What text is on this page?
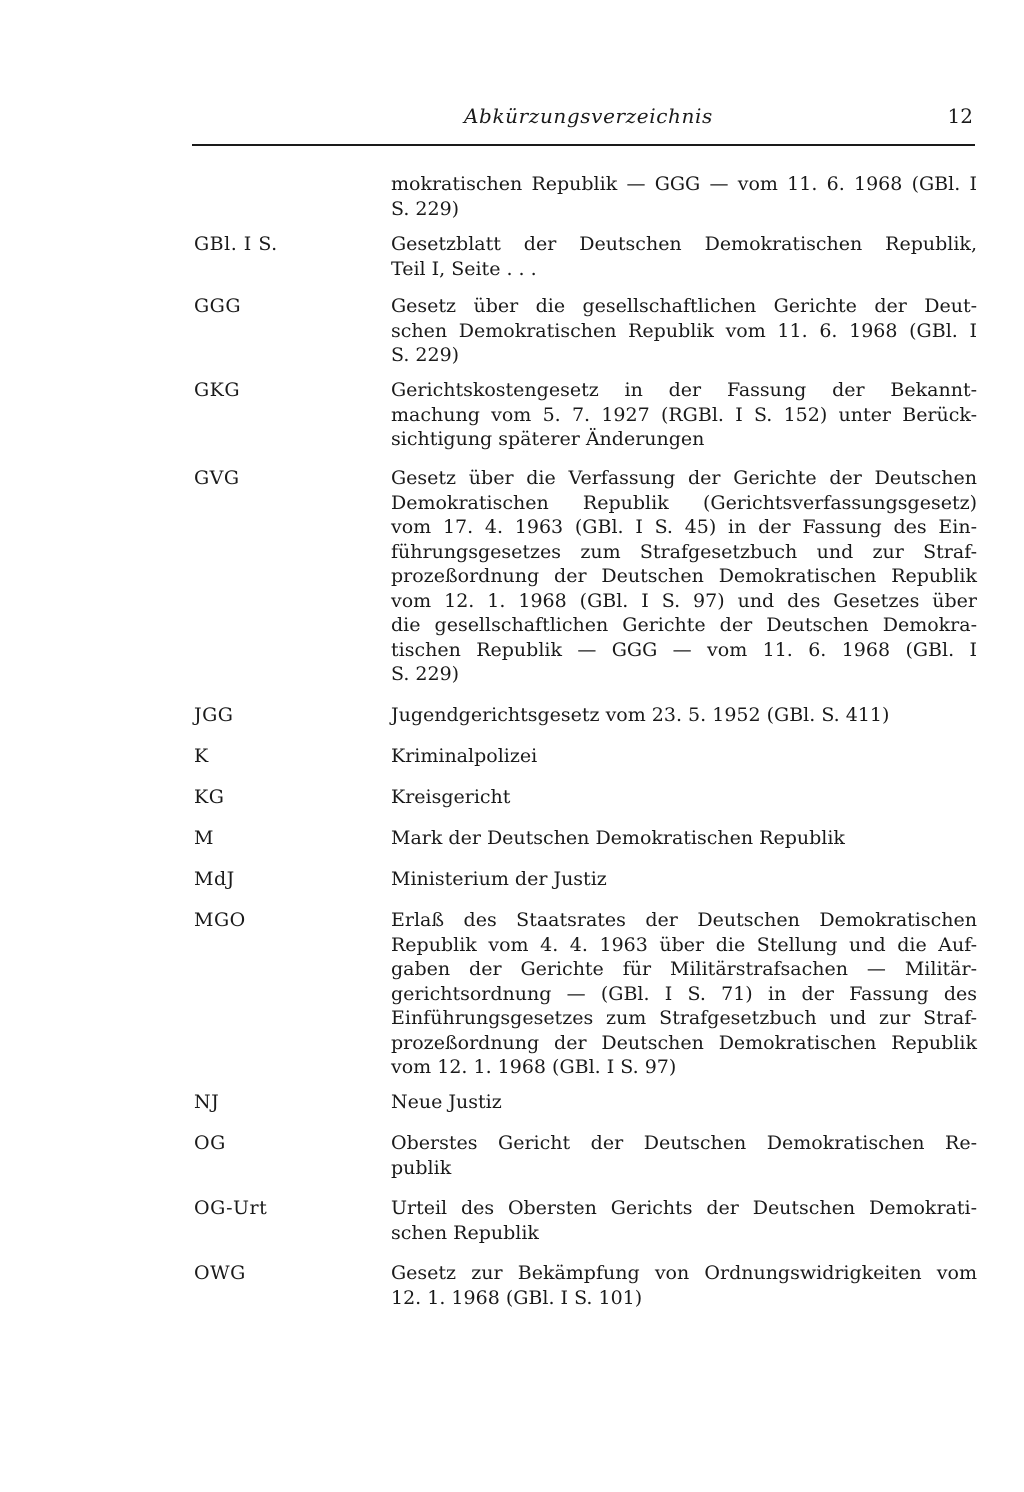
Abkürzungsverzeichnis	12
mokratischen Republik — GGG — vom 11. 6. 1968 (GBl. I
S. 229)
GBl. I S.	Gesetzblatt der Deutschen Demokratischen Republik,
Teil I, Seite . . .
GGG	Gesetz über die gesellschaftlichen Gerichte der Deut-
schen Demokratischen Republik vom 11. 6. 1968 (GBl. I
S. 229)
GKG	Gerichtskostengesetz in der Fassung der Bekannt-
machung vom 5. 7. 1927 (RGBl. I S. 152) unter Berück-
sichtigung späterer Änderungen
GVG	Gesetz über die Verfassung der Gerichte der Deutschen
Demokratischen Republik (Gerichtsverfassungsgesetz)
vom 17. 4. 1963 (GBl. I S. 45) in der Fassung des Ein-
führungsgesetzes zum Strafgesetzbuch und zur Straf-
prozeßordnung der Deutschen Demokratischen Republik
vom 12. 1. 1968 (GBl. I S. 97) und des Gesetzes über
die gesellschaftlichen Gerichte der Deutschen Demokra-
tischen Republik — GGG — vom 11. 6. 1968 (GBl. I
S. 229)
JGG	Jugendgerichtsgesetz vom 23. 5. 1952 (GBl. S. 411)
K	Kriminalpolizei
KG	Kreisgericht
M	Mark der Deutschen Demokratischen Republik
MdJ	Ministerium der Justiz
MGO	Erlaß des Staatsrates der Deutschen Demokratischen
Republik vom 4. 4. 1963 über die Stellung und die Auf-
gaben der Gerichte für Militärstrafsachen — Militär-
gerichtsordnung — (GBl. I S. 71) in der Fassung des
Einführungsgesetzes zum Strafgesetzbuch und zur Straf-
prozeßordnung der Deutschen Demokratischen Republik
vom 12. 1. 1968 (GBl. I S. 97)
NJ	Neue Justiz
OG	Oberstes Gericht der Deutschen Demokratischen Re-
publik
OG-Urt	Urteil des Obersten Gerichts der Deutschen Demokrati-
schen Republik
OWG	Gesetz zur Bekämpfung von Ordnungswidrigkeiten vom
12. 1. 1968 (GBl. I S. 101)
